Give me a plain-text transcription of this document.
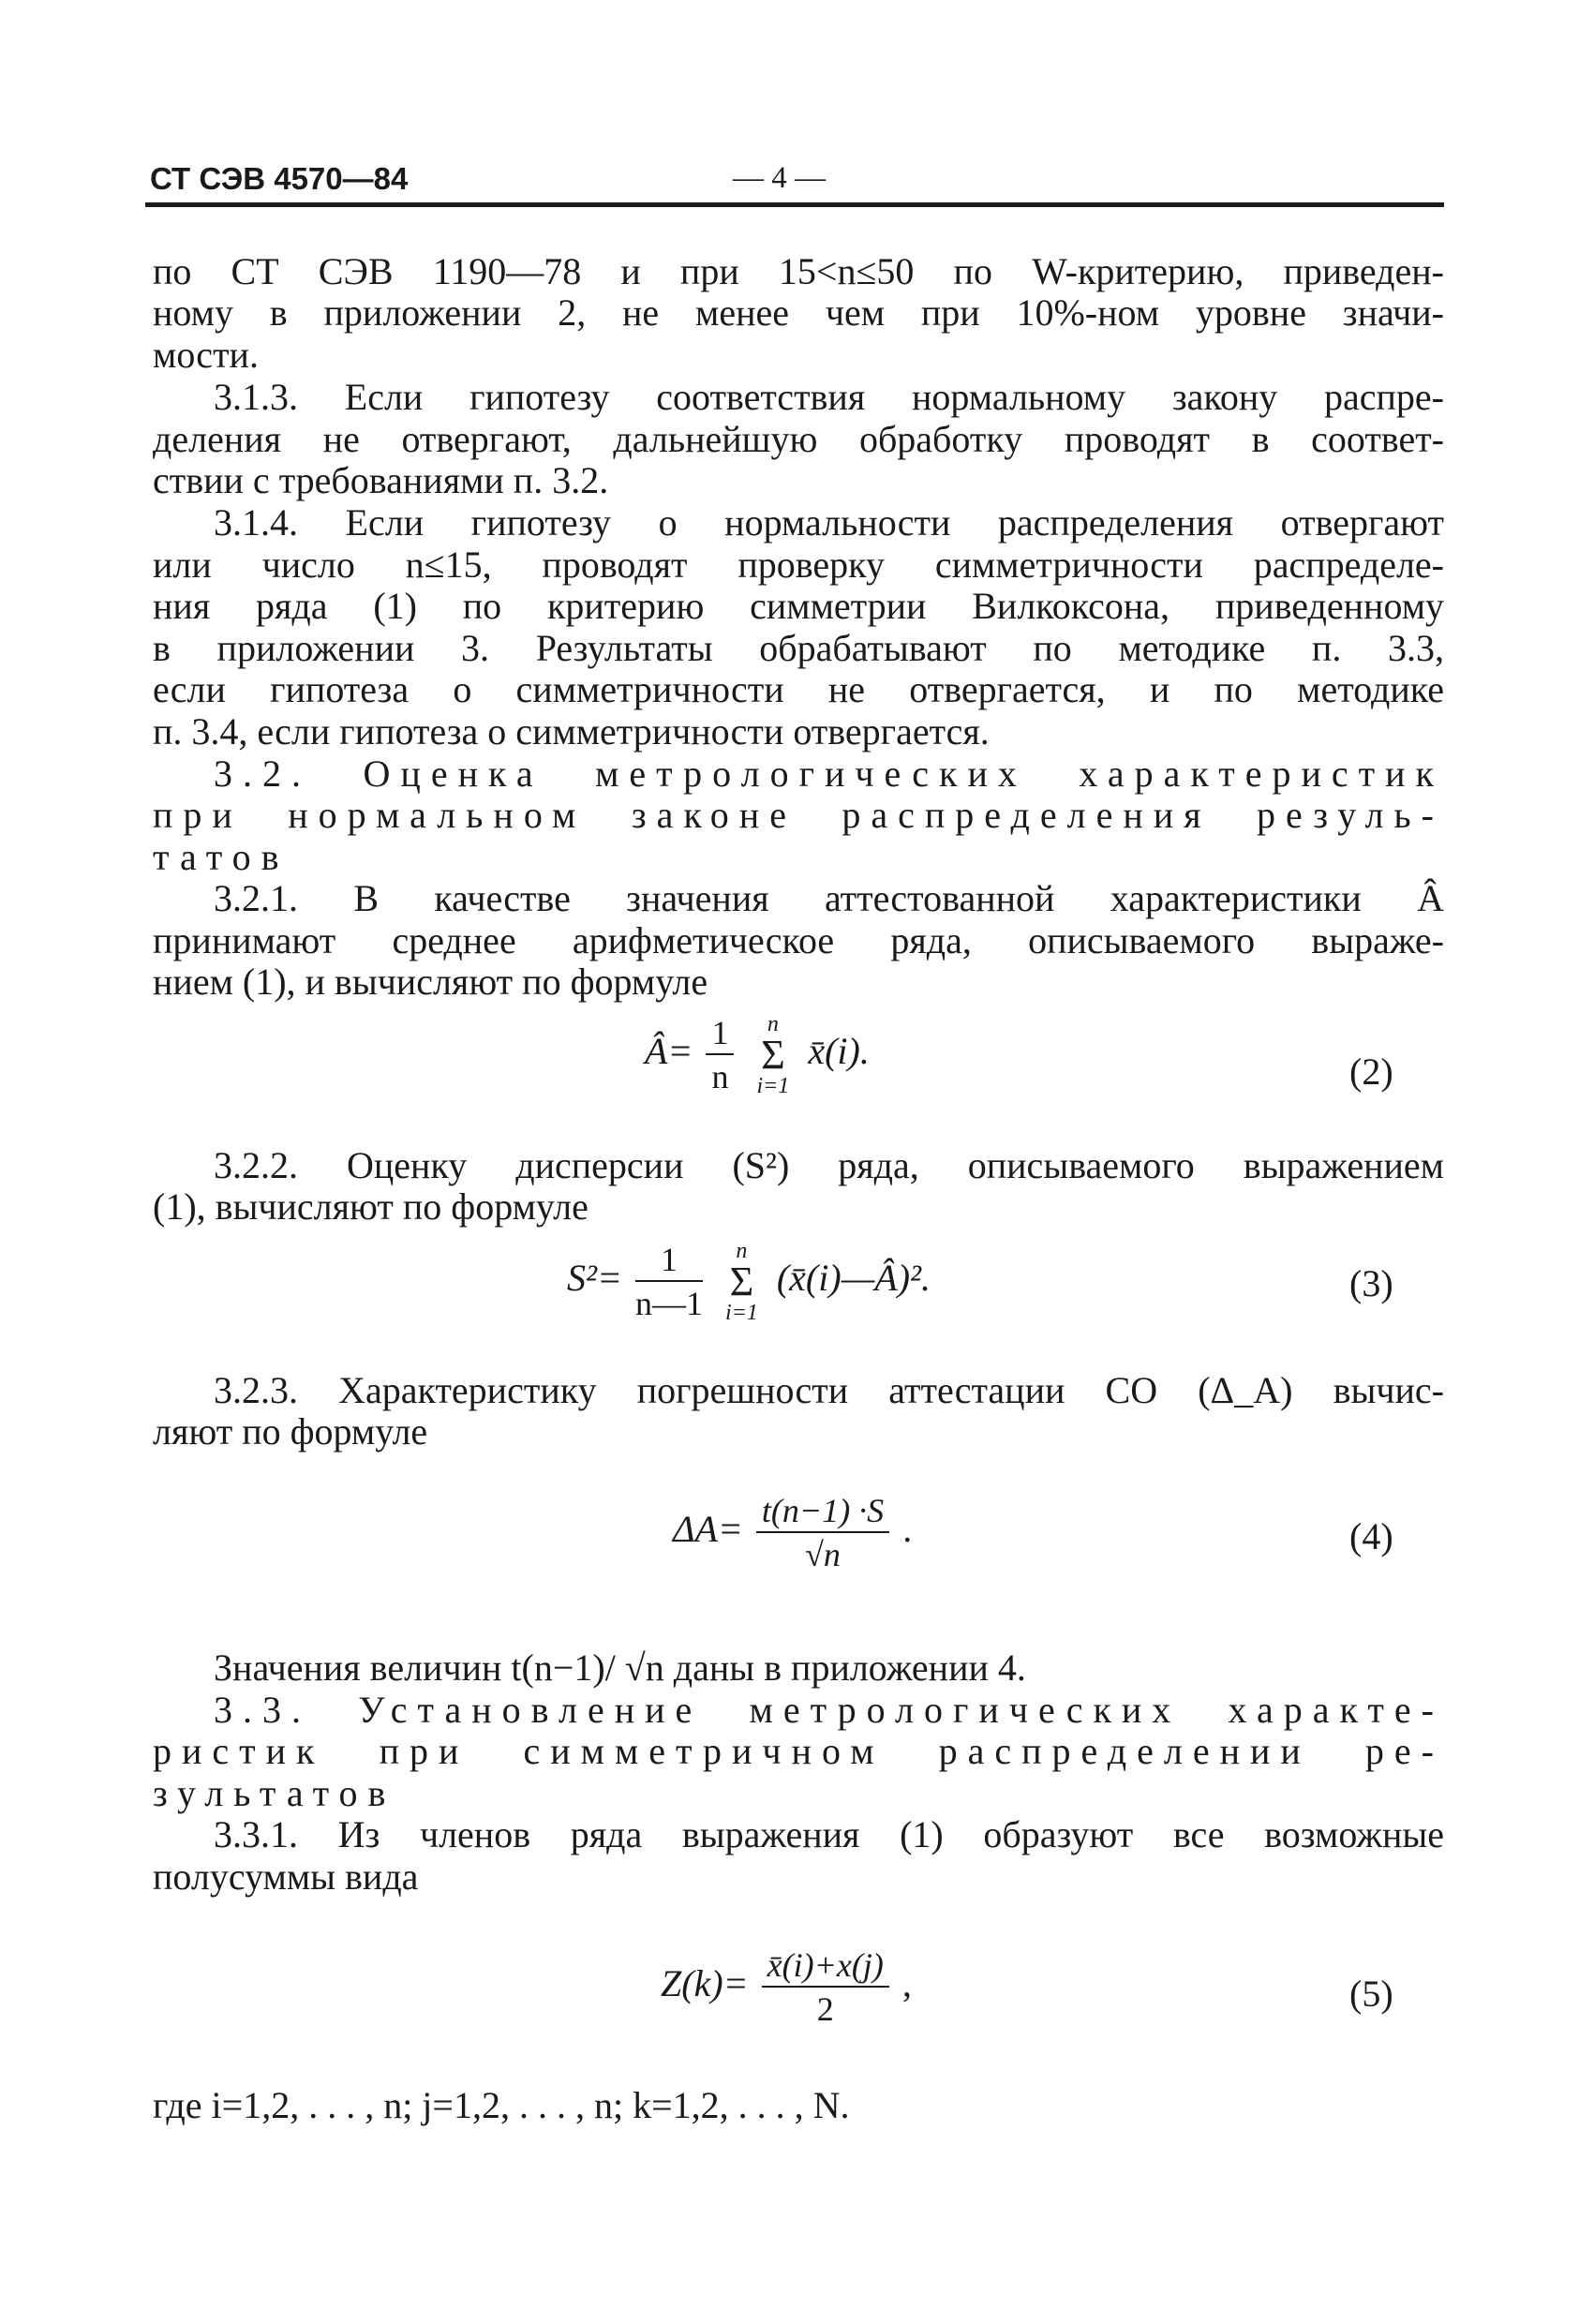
СТ СЭВ 4570—84	— 4 —
по СТ СЭВ 1190—78 и при 15<n≤50 по W-критерию, приведен-
ному в приложении 2, не менее чем при 10%-ном уровне значи-
мости.
3.1.3. Если гипотезу соответствия нормальному закону распре-
деления не отвергают, дальнейшую обработку проводят в соответ-
ствии с требованиями п. 3.2.
3.1.4. Если гипотезу о нормальности распределения отвергают
или число n≤15, проводят проверку симметричности распределе-
ния ряда (1) по критерию симметрии Вилкоксона, приведенному
в приложении 3. Результаты обрабатывают по методике п. 3.3,
если гипотеза о симметричности не отвергается, и по методике
п. 3.4, если гипотеза о симметричности отвергается.
3.2. Оценка метрологических характеристик
при нормальном законе распределения резуль-
татов
3.2.1. В качестве значения аттестованной характеристики Â
принимают среднее арифметическое ряда, описываемого выраже-
нием (1), и вычисляют по формуле
Â= $\frac{1}{n}$
	n
Σ
i=1
x̄(i).	(2)
3.2.2. Оценку дисперсии (S²) ряда, описываемого выражением
(1), вычисляют по формуле
$S^2= \frac{1}{n—1}$
	n
Σ
i=1
(x̄(i)—Â)².	(3)
3.2.3. Характеристику погрешности аттестации СО (Δ_A) вычис-
ляют по формуле
$\Delta A= \frac{t(n-1) \cdot S}{√n}$ .	(4)
Значения величин t(n−1)/ √n даны в приложении 4.
3.3. Установление метрологических характе-
ристик при симметричном распределении ре-
зультатов
3.3.1. Из членов ряда выражения (1) образуют все возможные
полусуммы вида
$Z(k)= \frac{x̄(i)+x(j)}{2}$ ,	(5)
где i=1,2, . . . , n; j=1,2, . . . , n; k=1,2, . . . , N.
